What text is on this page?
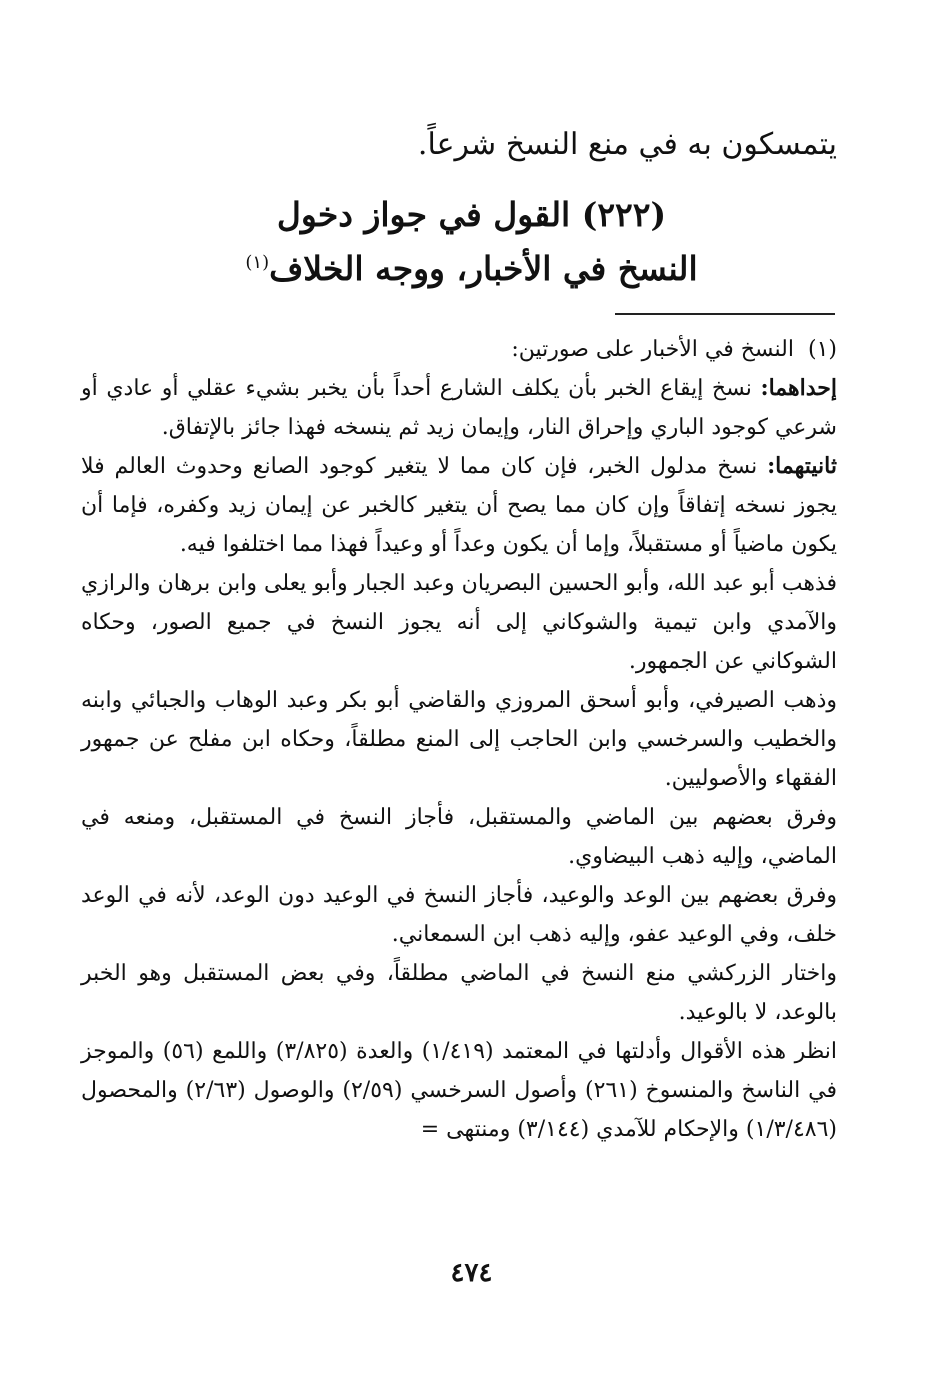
يتمسكون به في منع النسخ شرعاً.
(٢٢٢) القول في جواز دخول
النسخ في الأخبار، ووجه الخلاف$^{(١)}$
(١)
النسخ في الأخبار على صورتين:

إحداهما: نسخ إيقاع الخبر بأن يكلف الشارع أحداً بأن يخبر بشيء عقلي أو عادي أو شرعي كوجود الباري وإحراق النار، وإيمان زيد ثم ينسخه فهذا جائز بالإتفاق.

ثانيتهما: نسخ مدلول الخبر، فإن كان مما لا يتغير كوجود الصانع وحدوث العالم فلا يجوز نسخه إتفاقاً وإن كان مما يصح أن يتغير كالخبر عن إيمان زيد وكفره، فإما أن يكون ماضياً أو مستقبلاً، وإما أن يكون وعداً أو وعيداً فهذا مما اختلفوا فيه.

فذهب أبو عبد الله، وأبو الحسين البصريان وعبد الجبار وأبو يعلى وابن برهان والرازي والآمدي وابن تيمية والشوكاني إلى أنه يجوز النسخ في جميع الصور، وحكاه الشوكاني عن الجمهور.

وذهب الصيرفي، وأبو أسحق المروزي والقاضي أبو بكر وعبد الوهاب والجبائي وابنه والخطيب والسرخسي وابن الحاجب إلى المنع مطلقاً، وحكاه ابن مفلح عن جمهور الفقهاء والأصوليين.

وفرق بعضهم بين الماضي والمستقبل، فأجاز النسخ في المستقبل، ومنعه في الماضي، وإليه ذهب البيضاوي.

وفرق بعضهم بين الوعد والوعيد، فأجاز النسخ في الوعيد دون الوعد، لأنه في الوعد خلف، وفي الوعيد عفو، وإليه ذهب ابن السمعاني.

واختار الزركشي منع النسخ في الماضي مطلقاً، وفي بعض المستقبل وهو الخبر بالوعد، لا بالوعيد.

انظر هذه الأقوال وأدلتها في المعتمد (١/٤١٩) والعدة (٣/٨٢٥) واللمع (٥٦) والموجز في الناسخ والمنسوخ (٢٦١) وأصول السرخسي (٢/٥٩) والوصول (٢/٦٣) والمحصول (١/٣/٤٨٦) والإحكام للآمدي (٣/١٤٤) ومنتهى =

٤٧٤
